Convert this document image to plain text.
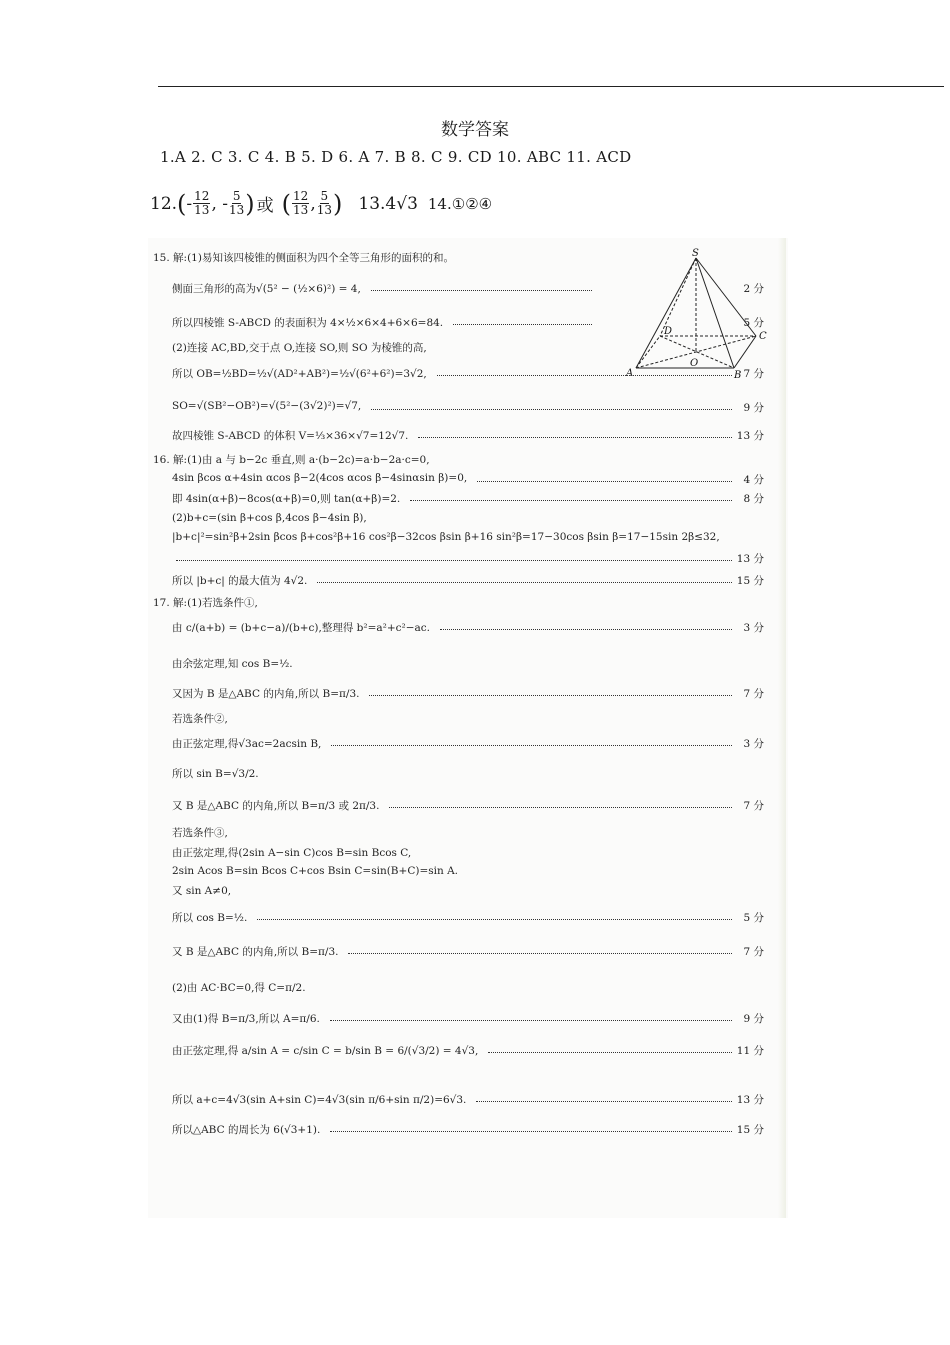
数学答案
1.A 2. C 3. C 4. B 5. D 6. A 7. B 8. C 9. CD 10. ABC 11. ACD
12. ( - $\frac{12}{13}$ , - $\frac{5}{13}$ ) 或 ( $\frac{12}{13}$ , $\frac{5}{13}$ ) 13.4√3 14.①②④
S
D	C
O
A	B
15. 解:(1)易知该四棱锥的侧面积为四个全等三角形的面积的和。
侧面三角形的高为√(5² − (½×6)²) = 4,	2 分
所以四棱锥 S-ABCD 的表面积为 4×½×6×4+6×6=84.	5 分
(2)连接 AC,BD,交于点 O,连接 SO,则 SO 为棱锥的高,
所以 OB=½BD=½√(AD²+AB²)=½√(6²+6²)=3√2,	7 分
SO=√(SB²−OB²)=√(5²−(3√2)²)=√7,	9 分
故四棱锥 S-ABCD 的体积 V=⅓×36×√7=12√7.	13 分
16. 解:(1)由 a 与 b−2c 垂直,则 a·(b−2c)=a·b−2a·c=0,
4sin βcos α+4sin αcos β−2(4cos αcos β−4sinαsin β)=0,	4 分
即 4sin(α+β)−8cos(α+β)=0,则 tan(α+β)=2.	8 分
(2)b+c=(sin β+cos β,4cos β−4sin β),
|b+c|²=sin²β+2sin βcos β+cos²β+16 cos²β−32cos βsin β+16 sin²β=17−30cos βsin β=17−15sin 2β≤32,
13 分
所以 |b+c| 的最大值为 4√2.	15 分
17. 解:(1)若选条件①,
由 c/(a+b) = (b+c−a)/(b+c),整理得 b²=a²+c²−ac.	3 分
由余弦定理,知 cos B=½.
又因为 B 是△ABC 的内角,所以 B=π/3.	7 分
若选条件②,
由正弦定理,得√3ac=2acsin B,	3 分
所以 sin B=√3/2.
又 B 是△ABC 的内角,所以 B=π/3 或 2π/3.	7 分
若选条件③,
由正弦定理,得(2sin A−sin C)cos B=sin Bcos C,
2sin Acos B=sin Bcos C+cos Bsin C=sin(B+C)=sin A.
又 sin A≠0,
所以 cos B=½.	5 分
又 B 是△ABC 的内角,所以 B=π/3.	7 分
(2)由 AC·BC=0,得 C=π/2.
又由(1)得 B=π/3,所以 A=π/6.	9 分
由正弦定理,得 a/sin A = c/sin C = b/sin B = 6/(√3/2) = 4√3,	11 分
所以 a+c=4√3(sin A+sin C)=4√3(sin π/6+sin π/2)=6√3.	13 分
所以△ABC 的周长为 6(√3+1).	15 分
